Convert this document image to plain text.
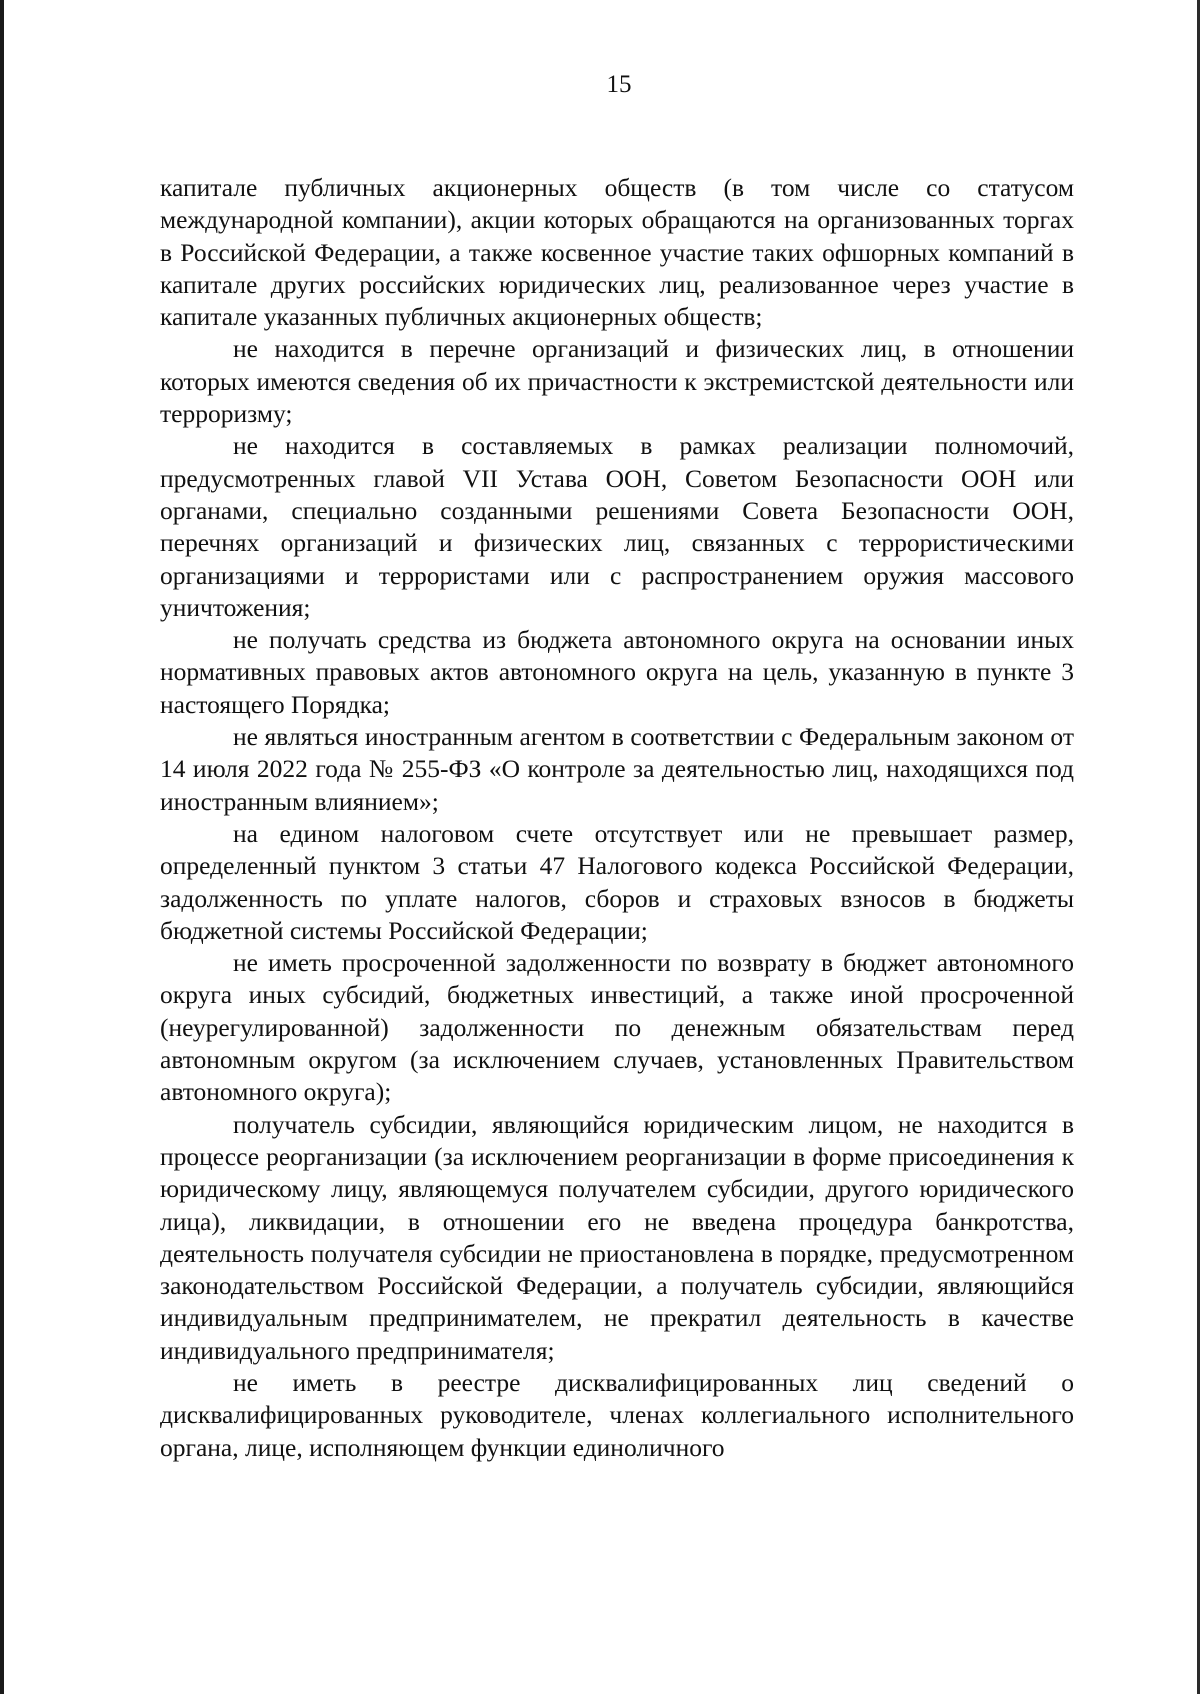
15

капитале публичных акционерных обществ (в том числе со статусом международной компании), акции которых обращаются на организованных торгах в Российской Федерации, а также косвенное участие таких офшорных компаний в капитале других российских юридических лиц, реализованное через участие в капитале указанных публичных акционерных обществ;

не находится в перечне организаций и физических лиц, в отношении которых имеются сведения об их причастности к экстремистской деятельности или терроризму;

не находится в составляемых в рамках реализации полномочий, предусмотренных главой VII Устава ООН, Советом Безопасности ООН или органами, специально созданными решениями Совета Безопасности ООН, перечнях организаций и физических лиц, связанных с террористическими организациями и террористами или с распространением оружия массового уничтожения;

не получать средства из бюджета автономного округа на основании иных нормативных правовых актов автономного округа на цель, указанную в пункте 3 настоящего Порядка;

не являться иностранным агентом в соответствии с Федеральным законом от 14 июля 2022 года № 255-ФЗ «О контроле за деятельностью лиц, находящихся под иностранным влиянием»;

на едином налоговом счете отсутствует или не превышает размер, определенный пунктом 3 статьи 47 Налогового кодекса Российской Федерации, задолженность по уплате налогов, сборов и страховых взносов в бюджеты бюджетной системы Российской Федерации;

не иметь просроченной задолженности по возврату в бюджет автономного округа иных субсидий, бюджетных инвестиций, а также иной просроченной (неурегулированной) задолженности по денежным обязательствам перед автономным округом (за исключением случаев, установленных Правительством автономного округа);

получатель субсидии, являющийся юридическим лицом, не находится в процессе реорганизации (за исключением реорганизации в форме присоединения к юридическому лицу, являющемуся получателем субсидии, другого юридического лица), ликвидации, в отношении его не введена процедура банкротства, деятельность получателя субсидии не приостановлена в порядке, предусмотренном законодательством Российской Федерации, а получатель субсидии, являющийся индивидуальным предпринимателем, не прекратил деятельность в качестве индивидуального предпринимателя;

не иметь в реестре дисквалифицированных лиц сведений о дисквалифицированных руководителе, членах коллегиального исполнительного органа, лице, исполняющем функции единоличного
